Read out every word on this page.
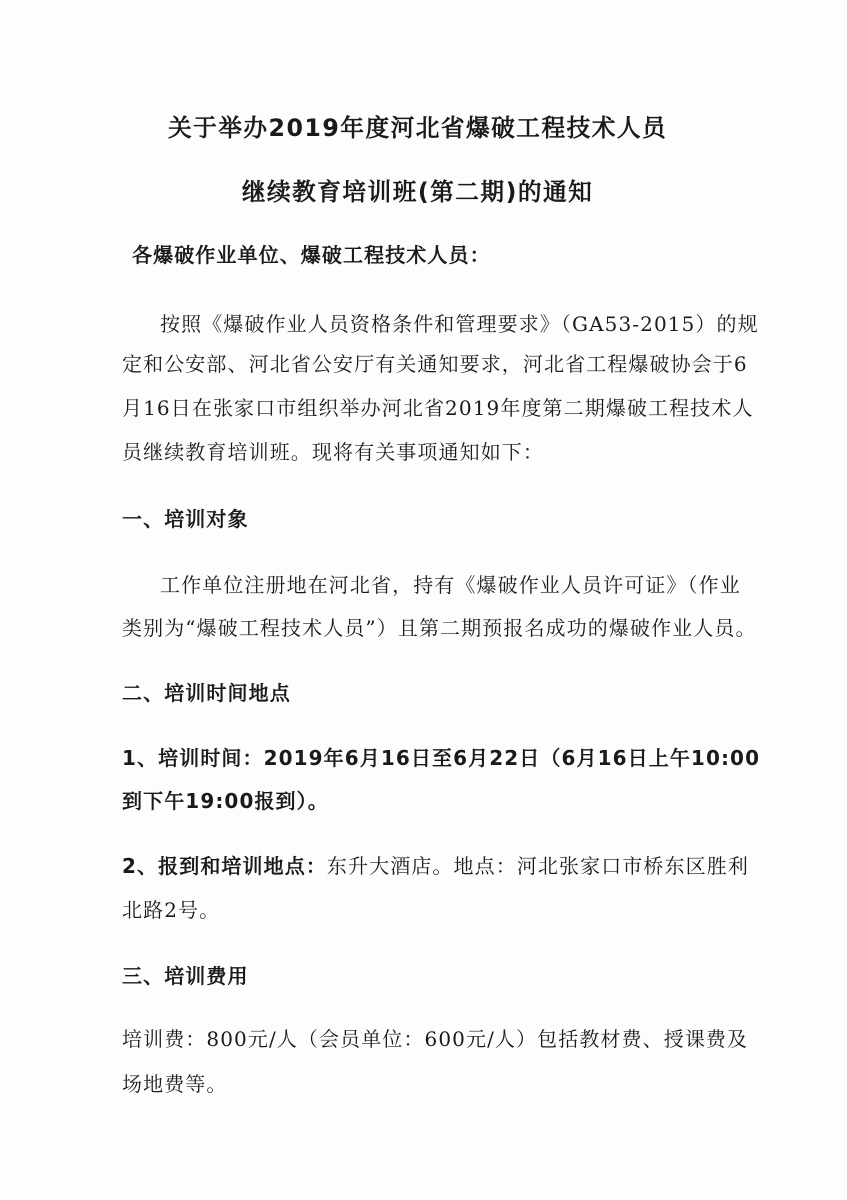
关于举办2019年度河北省爆破工程技术人员
继续教育培训班(第二期)的通知
各爆破作业单位、爆破工程技术人员：
按照《爆破作业人员资格条件和管理要求》（GA53-2015）的规
定和公安部、河北省公安厅有关通知要求，河北省工程爆破协会于6
月16日在张家口市组织举办河北省2019年度第二期爆破工程技术人
员继续教育培训班。现将有关事项通知如下：
一、培训对象
工作单位注册地在河北省，持有《爆破作业人员许可证》（作业
类别为“爆破工程技术人员”）且第二期预报名成功的爆破作业人员。
二、培训时间地点
1、培训时间：2019年6月16日至6月22日（6月16日上午10:00
到下午19:00报到）。
2、报到和培训地点：东升大酒店。地点：河北张家口市桥东区胜利
北路2号。
三、培训费用
培训费：800元/人（会员单位：600元/人）包括教材费、授课费及
场地费等。
